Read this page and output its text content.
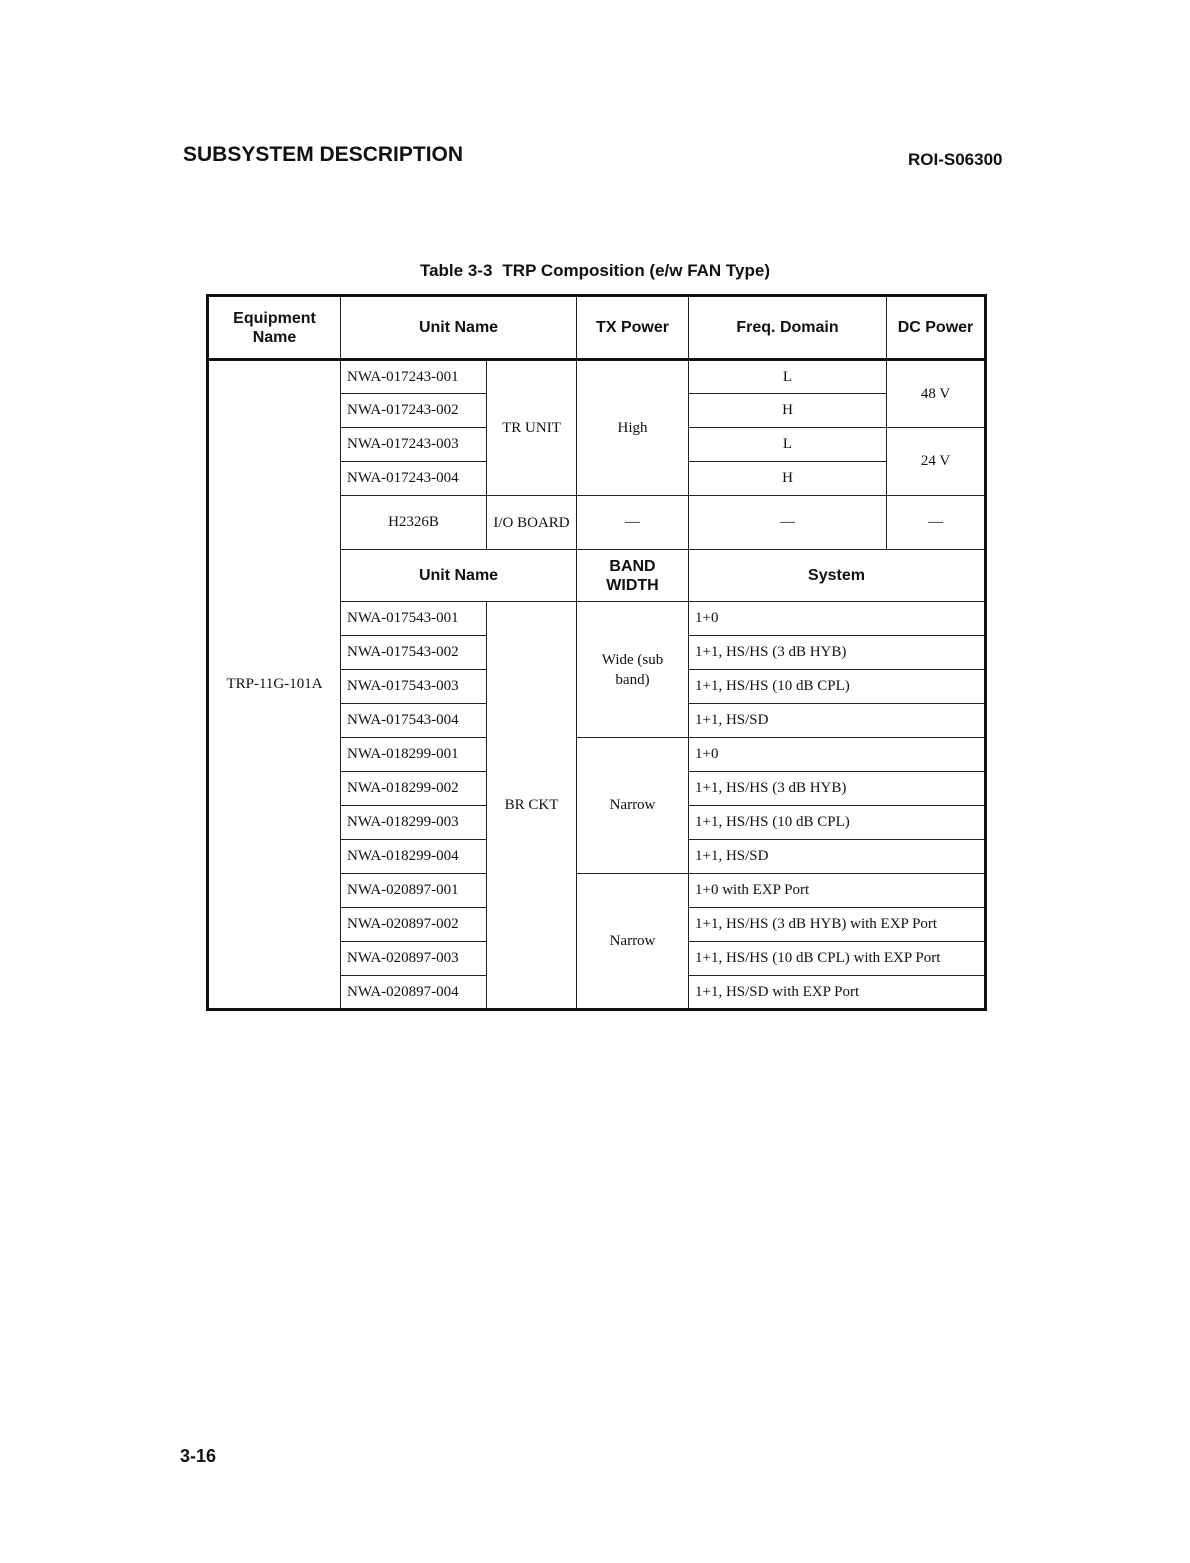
SUBSYSTEM DESCRIPTION	ROI-S06300
Table 3-3 TRP Composition (e/w FAN Type)
Equipment Name	Unit Name		TX Power	Freq. Domain	DC Power
TRP-11G-101A	NWA-017243-001	TR UNIT	High	L	48 V
	NWA-017243-002			H	
	NWA-017243-003			L	24 V
	NWA-017243-004			H	
	H2326B	I/O BOARD	—	—	—
	Unit Name		BAND WIDTH	System	
	NWA-017543-001	BR CKT	Wide (sub band)	1+0	
	NWA-017543-002			1+1, HS/HS (3 dB HYB)	
	NWA-017543-003			1+1, HS/HS (10 dB CPL)	
	NWA-017543-004			1+1, HS/SD	
	NWA-018299-001		Narrow	1+0	
	NWA-018299-002			1+1, HS/HS (3 dB HYB)	
	NWA-018299-003			1+1, HS/HS (10 dB CPL)	
	NWA-018299-004			1+1, HS/SD	
	NWA-020897-001		Narrow	1+0 with EXP Port	
	NWA-020897-002			1+1, HS/HS (3 dB HYB) with EXP Port	
	NWA-020897-003			1+1, HS/HS (10 dB CPL) with EXP Port	
	NWA-020897-004			1+1, HS/SD with EXP Port	
3-16
